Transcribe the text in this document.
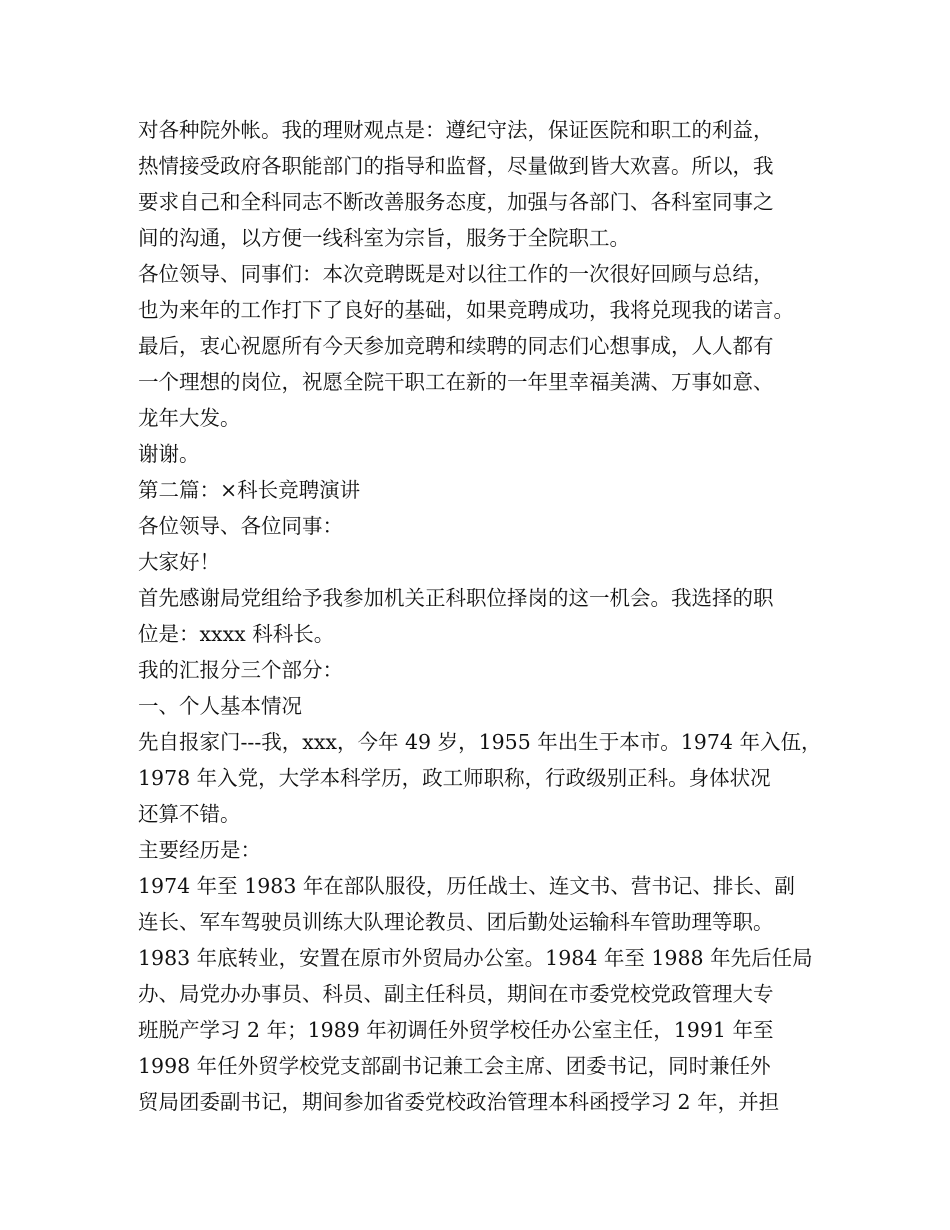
对各种院外帐。我的理财观点是：遵纪守法，保证医院和职工的利益，
热情接受政府各职能部门的指导和监督，尽量做到皆大欢喜。所以，我
要求自己和全科同志不断改善服务态度，加强与各部门、各科室同事之
间的沟通，以方便一线科室为宗旨，服务于全院职工。
各位领导、同事们：本次竞聘既是对以往工作的一次很好回顾与总结，
也为来年的工作打下了良好的基础，如果竞聘成功，我将兑现我的诺言。
最后，衷心祝愿所有今天参加竞聘和续聘的同志们心想事成，人人都有
一个理想的岗位，祝愿全院干职工在新的一年里幸福美满、万事如意、
龙年大发。
谢谢。
第二篇：×科长竞聘演讲
各位领导、各位同事：
大家好！
首先感谢局党组给予我参加机关正科职位择岗的这一机会。我选择的职
位是：xxxx 科科长。
我的汇报分三个部分：
一、个人基本情况
先自报家门---我，xxx，今年 49 岁，1955 年出生于本市。1974 年入伍，
1978 年入党，大学本科学历，政工师职称，行政级别正科。身体状况
还算不错。
主要经历是：
1974 年至 1983 年在部队服役，历任战士、连文书、营书记、排长、副
连长、军车驾驶员训练大队理论教员、团后勤处运输科车管助理等职。
1983 年底转业，安置在原市外贸局办公室。1984 年至 1988 年先后任局
办、局党办办事员、科员、副主任科员，期间在市委党校党政管理大专
班脱产学习 2 年；1989 年初调任外贸学校任办公室主任，1991 年至
1998 年任外贸学校党支部副书记兼工会主席、团委书记，同时兼任外
贸局团委副书记，期间参加省委党校政治管理本科函授学习 2 年，并担
